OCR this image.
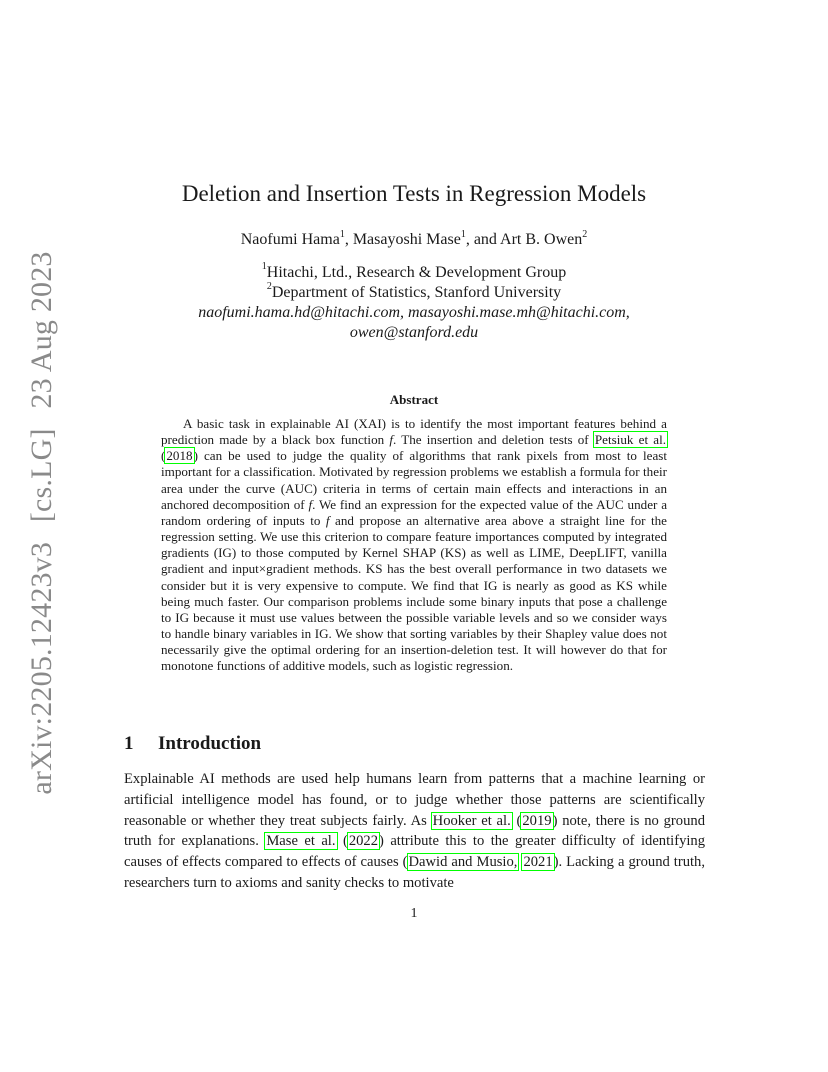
arXiv:2205.12423v3 [cs.LG] 23 Aug 2023
Deletion and Insertion Tests in Regression Models
Naofumi Hama$^1$, Masayoshi Mase$^1$, and Art B. Owen$^2$
$^1$Hitachi, Ltd., Research & Development Group
$^2$Department of Statistics, Stanford University
naofumi.hama.hd@hitachi.com, masayoshi.mase.mh@hitachi.com,
owen@stanford.edu
Abstract

A basic task in explainable AI (XAI) is to identify the most important features behind a prediction made by a black box function f. The insertion and deletion tests of Petsiuk et al. (2018) can be used to judge the quality of algorithms that rank pixels from most to least important for a classification. Motivated by regression problems we establish a formula for their area under the curve (AUC) criteria in terms of certain main effects and interactions in an anchored decomposition of f. We find an expression for the expected value of the AUC under a random ordering of inputs to f and propose an alternative area above a straight line for the regression setting. We use this criterion to compare feature importances computed by integrated gradients (IG) to those computed by Kernel SHAP (KS) as well as LIME, DeepLIFT, vanilla gradient and input×gradient methods. KS has the best overall performance in two datasets we consider but it is very expensive to compute. We find that IG is nearly as good as KS while being much faster. Our comparison problems include some binary inputs that pose a challenge to IG because it must use values between the possible variable levels and so we consider ways to handle binary variables in IG. We show that sorting variables by their Shapley value does not necessarily give the optimal ordering for an insertion-deletion test. It will however do that for monotone functions of additive models, such as logistic regression.

1 Introduction

Explainable AI methods are used help humans learn from patterns that a machine learning or artificial intelligence model has found, or to judge whether those patterns are scientifically reasonable or whether they treat subjects fairly. As Hooker et al. (2019) note, there is no ground truth for explanations. Mase et al. (2022) attribute this to the greater difficulty of identifying causes of effects compared to effects of causes (Dawid and Musio, 2021). Lacking a ground truth, researchers turn to axioms and sanity checks to motivate

1
